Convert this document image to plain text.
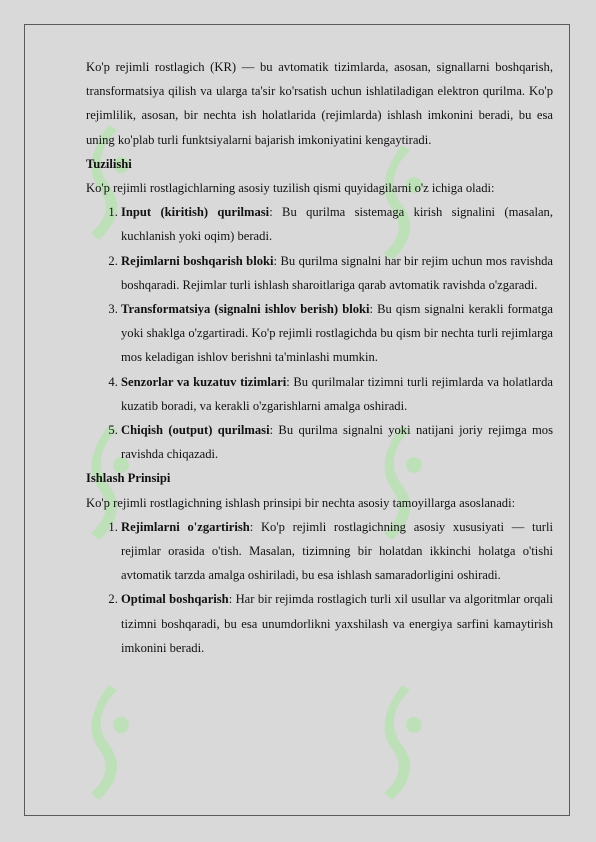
Ko'p rejimli rostlagich (KR) — bu avtomatik tizimlarda, asosan, signallarni boshqarish, transformatsiya qilish va ularga ta'sir ko'rsatish uchun ishlatiladigan elektron qurilma. Ko'p rejimlilik, asosan, bir nechta ish holatlarida (rejimlarda) ishlash imkonini beradi, bu esa uning ko'plab turli funktsiyalarni bajarish imkoniyatini kengaytiradi.

Tuzilishi

Ko'p rejimli rostlagichlarning asosiy tuzilish qismi quyidagilarni o'z ichiga oladi:

1. Input (kiritish) qurilmasi: Bu qurilma sistemaga kirish signalini (masalan, kuchlanish yoki oqim) beradi.
2. Rejimlarni boshqarish bloki: Bu qurilma signalni har bir rejim uchun mos ravishda boshqaradi. Rejimlar turli ishlash sharoitlariga qarab avtomatik ravishda o'zgaradi.
3. Transformatsiya (signalni ishlov berish) bloki: Bu qism signalni kerakli formatga yoki shaklga o'zgartiradi. Ko'p rejimli rostlagichda bu qism bir nechta turli rejimlarga mos keladigan ishlov berishni ta'minlashi mumkin.
4. Senzorlar va kuzatuv tizimlari: Bu qurilmalar tizimni turli rejimlarda va holatlarda kuzatib boradi, va kerakli o'zgarishlarni amalga oshiradi.
5. Chiqish (output) qurilmasi: Bu qurilma signalni yoki natijani joriy rejimga mos ravishda chiqazadi.

Ishlash Prinsipi

Ko'p rejimli rostlagichning ishlash prinsipi bir nechta asosiy tamoyillarga asoslanadi:

1. Rejimlarni o'zgartirish: Ko'p rejimli rostlagichning asosiy xususiyati — turli rejimlar orasida o'tish. Masalan, tizimning bir holatdan ikkinchi holatga o'tishi avtomatik tarzda amalga oshiriladi, bu esa ishlash samaradorligini oshiradi.
2. Optimal boshqarish: Har bir rejimda rostlagich turli xil usullar va algoritmlar orqali tizimni boshqaradi, bu esa unumdorlikni yaxshilash va energiya sarfini kamaytirish imkonini beradi.
